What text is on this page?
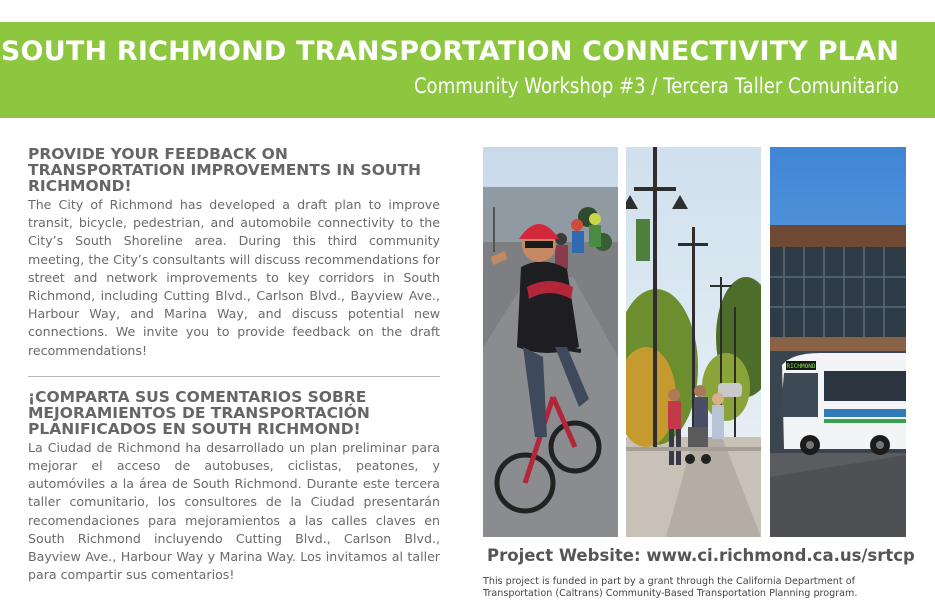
SOUTH RICHMOND TRANSPORTATION CONNECTIVITY PLAN

Community Workshop #3 / Tercera Taller Comunitario

PROVIDE YOUR FEEDBACK ON TRANSPORTATION IMPROVEMENTS IN SOUTH RICHMOND!

The City of Richmond has developed a draft plan to improve transit, bicycle, pedestrian, and automobile connectivity to the City’s South Shoreline area. During this third community meeting, the City’s consultants will discuss recommendations for street and network improvements to key corridors in South Richmond, including Cutting Blvd., Carlson Blvd., Bayview Ave., Harbour Way, and Marina Way, and discuss potential new connections. We invite you to provide feedback on the draft recommendations!

¡COMPARTA SUS COMENTARIOS SOBRE MEJORAMIENTOS DE TRANSPORTACIÓN PLANIFICADOS EN SOUTH RICHMOND!

La Ciudad de Richmond ha desarrollado un plan preliminar para mejorar el acceso de autobuses, ciclistas, peatones, y automóviles a la área de South Richmond. Durante este tercera taller comunitario, los consultores de la Ciudad presentarán recomendaciones para mejoramientos a las calles claves en South Richmond incluyendo Cutting Blvd., Carlson Blvd., Bayview Ave., Harbour Way y Marina Way. Los invitamos al taller para compartir sus comentarios!

RICHMOND

Project Website: www.ci.richmond.ca.us/srtcp

This project is funded in part by a grant through the California Department of Transportation (Caltrans) Community-Based Transportation Planning program.
